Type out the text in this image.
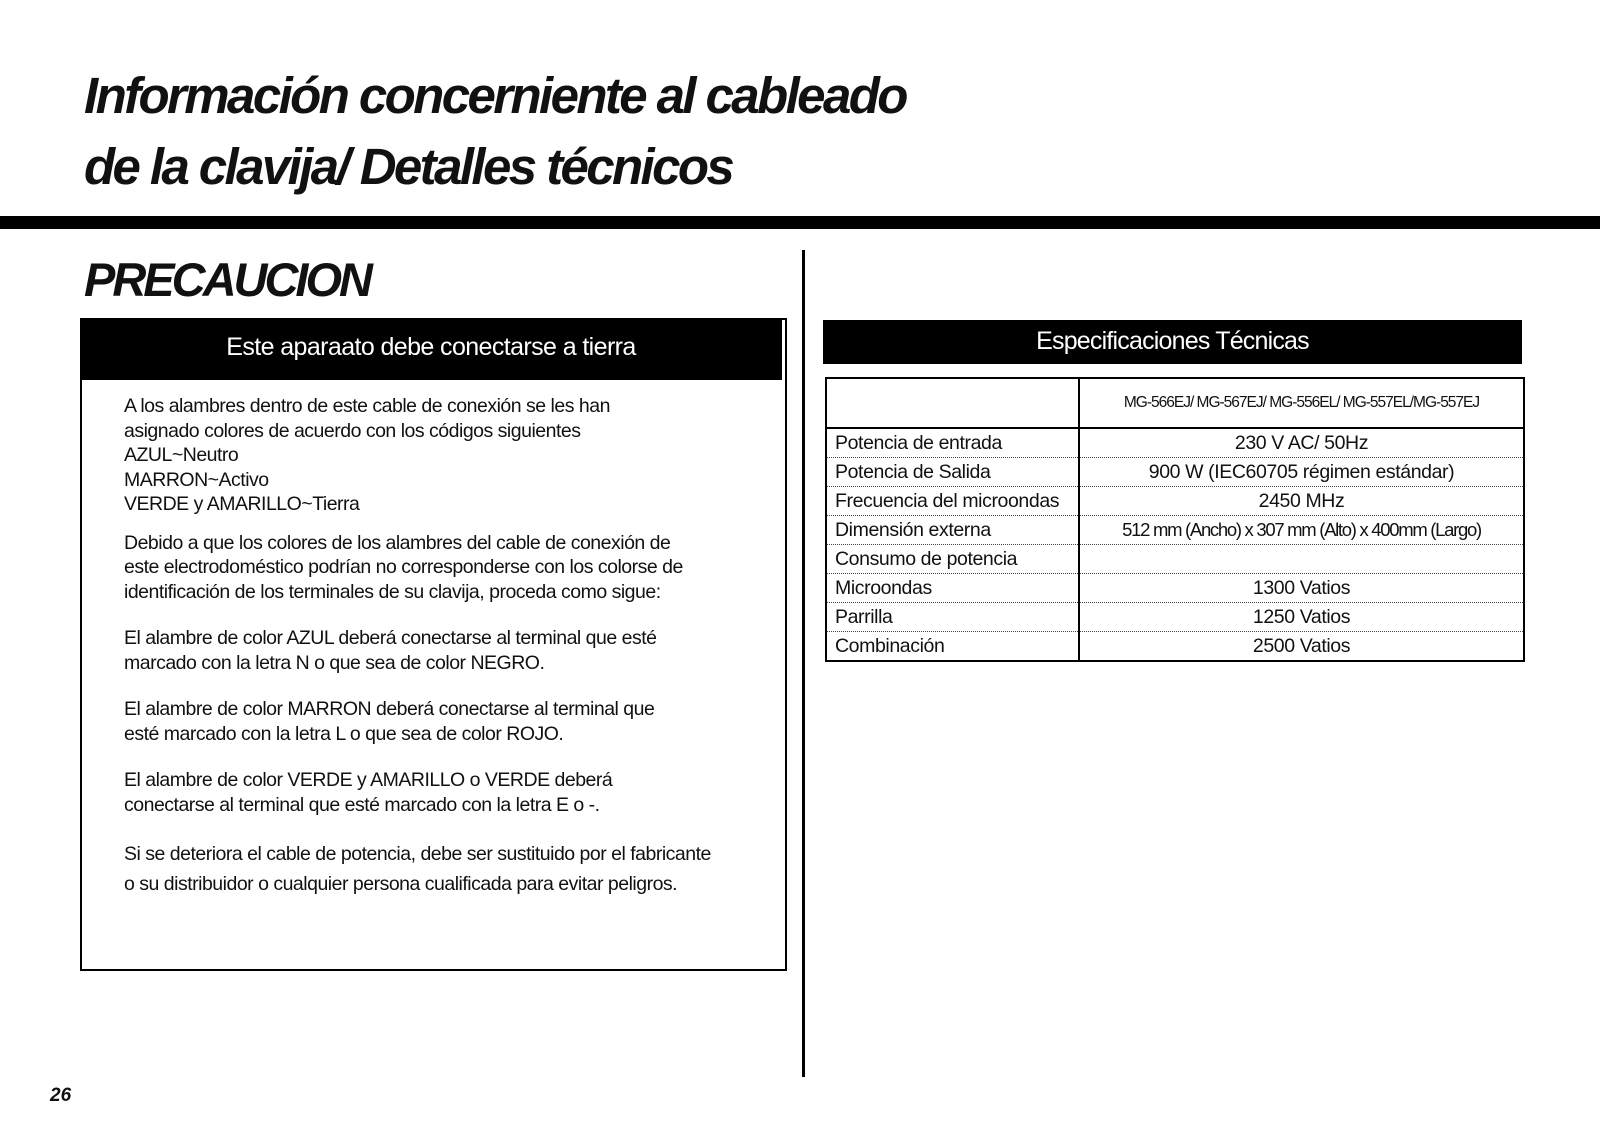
Información concerniente al cableado
de la clavija/ Detalles técnicos
PRECAUCION
Este aparaato debe conectarse a tierra

A los alambres dentro de este cable de conexión se les han
asignado colores de acuerdo con los códigos siguientes
AZUL~Neutro
MARRON~Activo
VERDE y AMARILLO~Tierra

Debido a que los colores de los alambres del cable de conexión de
este electrodoméstico podrían no corresponderse con los colorse de
identificación de los terminales de su clavija, proceda como sigue:

El alambre de color AZUL deberá conectarse al terminal que esté
marcado con la letra N o que sea de color NEGRO.

El alambre de color MARRON deberá conectarse al terminal que
esté marcado con la letra L o que sea de color ROJO.

El alambre de color VERDE y AMARILLO o VERDE deberá
conectarse al terminal que esté marcado con la letra E o -.

Si se deteriora el cable de potencia, debe ser sustituido por el fabricante
o su distribuidor o cualquier persona cualificada para evitar peligros.

Especificaciones Técnicas
	MG-566EJ/ MG-567EJ/ MG-556EL/ MG-557EL/MG-557EJ
Potencia de entrada	230 V AC/ 50Hz
Potencia de Salida	900 W (IEC60705 régimen estándar)
Frecuencia del microondas	2450 MHz
Dimensión externa	512 mm (Ancho) x 307 mm (Alto) x 400mm (Largo)
Consumo de potencia	
Microondas	1300 Vatios
Parrilla	1250 Vatios
Combinación	2500 Vatios
26
